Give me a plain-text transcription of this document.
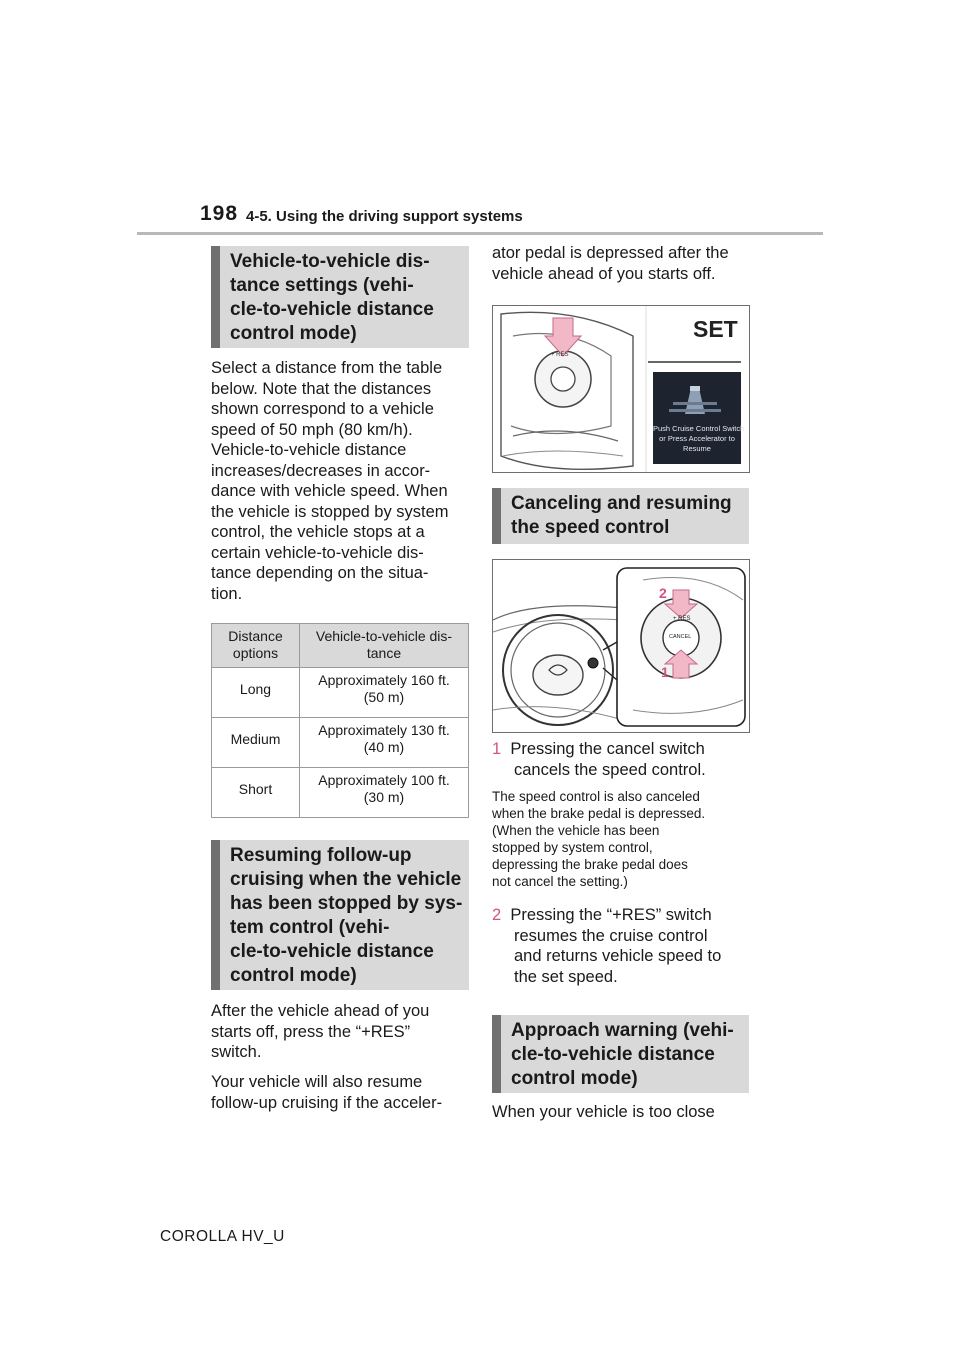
198 4-5. Using the driving support systems
Vehicle-to-vehicle dis-
tance settings (vehi-
cle-to-vehicle distance
control mode)
Select a distance from the table
below. Note that the distances
shown correspond to a vehicle
speed of 50 mph (80 km/h).
Vehicle-to-vehicle distance
increases/decreases in accor-
dance with vehicle speed. When
the vehicle is stopped by system
control, the vehicle stops at a
certain vehicle-to-vehicle dis-
tance depending on the situa-
tion.
Distance
options	Vehicle-to-vehicle dis-
tance

Long	Approximately 160 ft.
(50 m)

Medium	Approximately 130 ft.
(40 m)

Short	Approximately 100 ft.
(30 m)
Resuming follow-up
cruising when the vehicle
has been stopped by sys-
tem control (vehi-
cle-to-vehicle distance
control mode)
After the vehicle ahead of you
starts off, press the “+RES”
switch.
Your vehicle will also resume
follow-up cruising if the acceler-
ator pedal is depressed after the
vehicle ahead of you starts off.
SET
+ RES
Push Cruise Control Switch
or Press Accelerator to
Resume
Canceling and resuming
the speed control
2
1
+ RES
CANCEL
1 Pressing the cancel switch
cancels the speed control.
The speed control is also canceled
when the brake pedal is depressed.
(When the vehicle has been
stopped by system control,
depressing the brake pedal does
not cancel the setting.)
2 Pressing the “+RES” switch
resumes the cruise control
and returns vehicle speed to
the set speed.
Approach warning (vehi-
cle-to-vehicle distance
control mode)
When your vehicle is too close
COROLLA HV_U
